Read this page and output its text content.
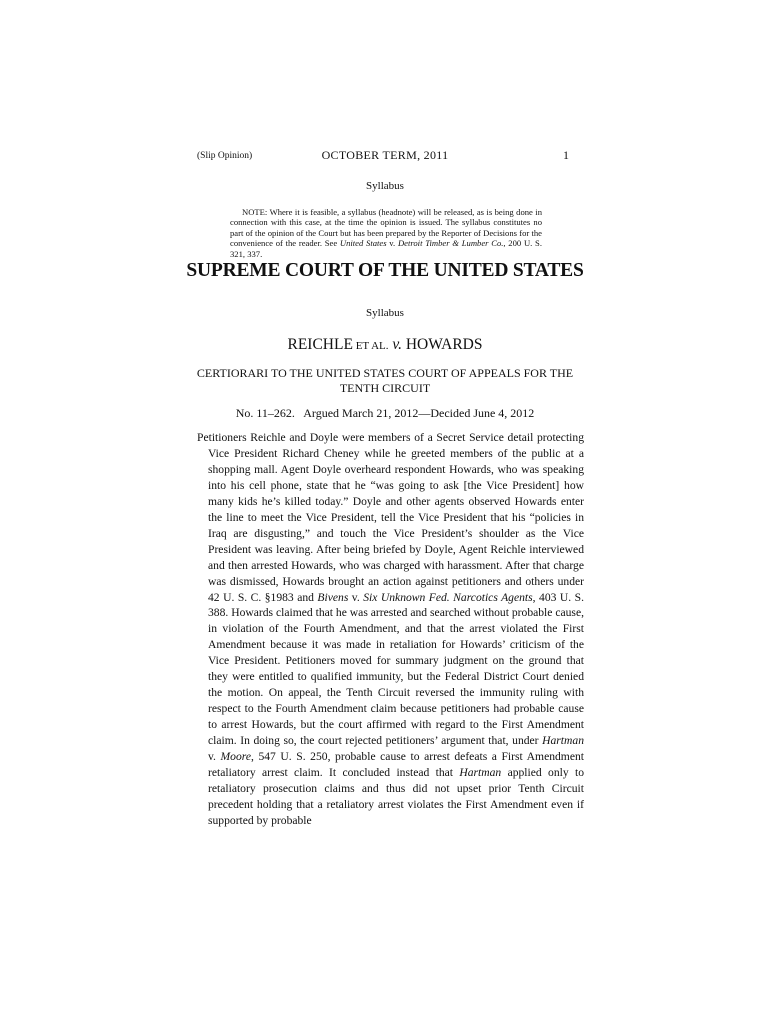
(Slip Opinion)	OCTOBER TERM, 2011	1
Syllabus
NOTE: Where it is feasible, a syllabus (headnote) will be released, as is being done in connection with this case, at the time the opinion is issued. The syllabus constitutes no part of the opinion of the Court but has been prepared by the Reporter of Decisions for the convenience of the reader. See United States v. Detroit Timber & Lumber Co., 200 U. S. 321, 337.
SUPREME COURT OF THE UNITED STATES
Syllabus
REICHLE ET AL. v. HOWARDS
CERTIORARI TO THE UNITED STATES COURT OF APPEALS FOR THE TENTH CIRCUIT
No. 11–262.   Argued March 21, 2012—Decided June 4, 2012
Petitioners Reichle and Doyle were members of a Secret Service detail protecting Vice President Richard Cheney while he greeted members of the public at a shopping mall. Agent Doyle overheard respondent Howards, who was speaking into his cell phone, state that he “was going to ask [the Vice President] how many kids he’s killed today.” Doyle and other agents observed Howards enter the line to meet the Vice President, tell the Vice President that his “policies in Iraq are disgusting,” and touch the Vice President’s shoulder as the Vice President was leaving. After being briefed by Doyle, Agent Reichle interviewed and then arrested Howards, who was charged with harassment. After that charge was dismissed, Howards brought an action against petitioners and others under 42 U. S. C. §1983 and Bivens v. Six Unknown Fed. Narcotics Agents, 403 U. S. 388. Howards claimed that he was arrested and searched without probable cause, in violation of the Fourth Amendment, and that the arrest violated the First Amendment because it was made in retaliation for Howards’ criticism of the Vice President. Petitioners moved for summary judgment on the ground that they were entitled to qualified immunity, but the Federal District Court denied the motion. On appeal, the Tenth Circuit reversed the immunity ruling with respect to the Fourth Amendment claim because petitioners had probable cause to arrest Howards, but the court affirmed with regard to the First Amendment claim. In doing so, the court rejected petitioners’ argument that, under Hartman v. Moore, 547 U. S. 250, probable cause to arrest defeats a First Amendment retaliatory arrest claim. It concluded instead that Hartman applied only to retaliatory prosecution claims and thus did not upset prior Tenth Circuit precedent holding that a retaliatory arrest violates the First Amendment even if supported by probable
